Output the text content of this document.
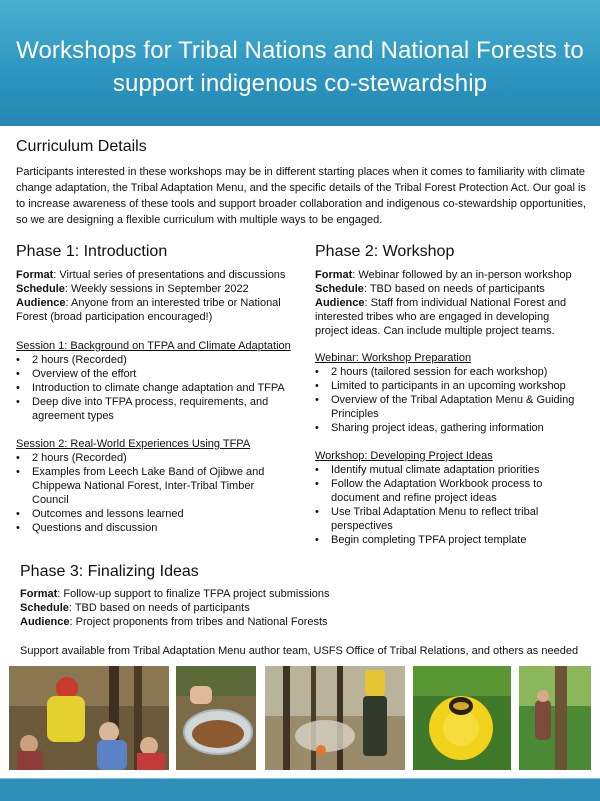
Workshops for Tribal Nations and National Forests to
support indigenous co-stewardship
Curriculum Details
Participants interested in these workshops may be in different starting places when it comes to familiarity with climate
change adaptation, the Tribal Adaptation Menu, and the specific details of the Tribal Forest Protection Act. Our goal is
to increase awareness of these tools and support broader collaboration and indigenous co-stewardship opportunities,
so we are designing a flexible curriculum with multiple ways to be engaged.
Phase 1: Introduction
Format: Virtual series of presentations and discussions
Schedule: Weekly sessions in September 2022
Audience: Anyone from an interested tribe or National
Forest (broad participation encouraged!)
Session 1: Background on TFPA and Climate Adaptation
• 2 hours (Recorded)
• Overview of the effort
• Introduction to climate change adaptation and TFPA
• Deep dive into TFPA process, requirements, and
agreement types
Session 2: Real-World Experiences Using TFPA
• 2 hours (Recorded)
• Examples from Leech Lake Band of Ojibwe and
Chippewa National Forest, Inter-Tribal Timber
Council
• Outcomes and lessons learned
• Questions and discussion
Phase 2: Workshop
Format: Webinar followed by an in-person workshop
Schedule: TBD based on needs of participants
Audience: Staff from individual National Forest and
interested tribes who are engaged in developing
project ideas. Can include multiple project teams.
Webinar: Workshop Preparation
• 2 hours (tailored session for each workshop)
• Limited to participants in an upcoming workshop
• Overview of the Tribal Adaptation Menu & Guiding
Principles
• Sharing project ideas, gathering information
Workshop: Developing Project Ideas
• Identify mutual climate adaptation priorities
• Follow the Adaptation Workbook process to
document and refine project ideas
• Use Tribal Adaptation Menu to reflect tribal
perspectives
• Begin completing TPFA project template
Phase 3: Finalizing Ideas
Format: Follow-up support to finalize TFPA project submissions
Schedule: TBD based on needs of participants
Audience: Project proponents from tribes and National Forests
Support available from Tribal Adaptation Menu author team, USFS Office of Tribal Relations, and others as needed
